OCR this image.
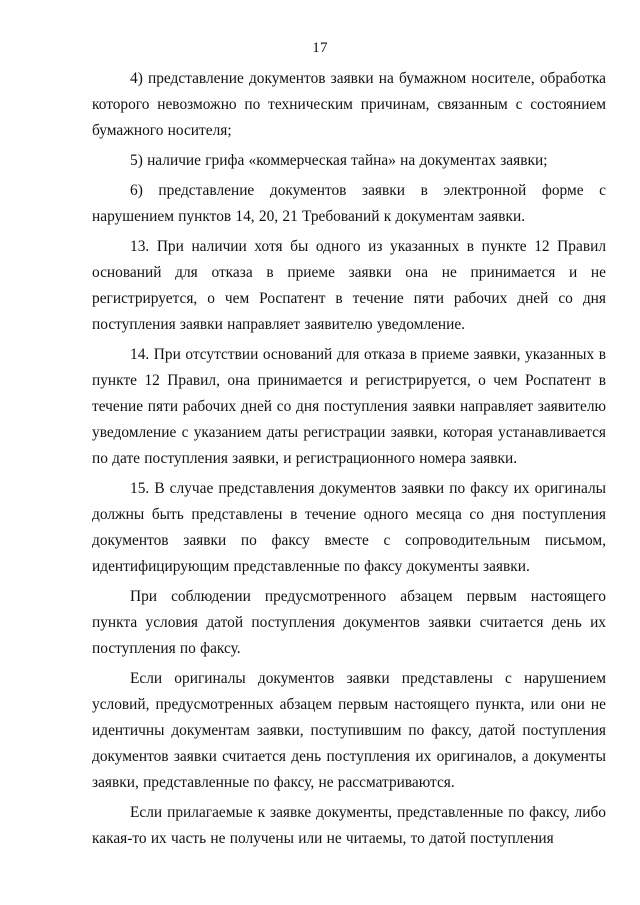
17

4) представление документов заявки на бумажном носителе, обработка которого невозможно по техническим причинам, связанным с состоянием бумажного носителя;

5) наличие грифа «коммерческая тайна» на документах заявки;

6) представление документов заявки в электронной форме с нарушением пунктов 14, 20, 21 Требований к документам заявки.

13. При наличии хотя бы одного из указанных в пункте 12 Правил оснований для отказа в приеме заявки она не принимается и не регистрируется, о чем Роспатент в течение пяти рабочих дней со дня поступления заявки направляет заявителю уведомление.

14. При отсутствии оснований для отказа в приеме заявки, указанных в пункте 12 Правил, она принимается и регистрируется, о чем Роспатент в течение пяти рабочих дней со дня поступления заявки направляет заявителю уведомление с указанием даты регистрации заявки, которая устанавливается по дате поступления заявки, и регистрационного номера заявки.

15. В случае представления документов заявки по факсу их оригиналы должны быть представлены в течение одного месяца со дня поступления документов заявки по факсу вместе с сопроводительным письмом, идентифицирующим представленные по факсу документы заявки.

При соблюдении предусмотренного абзацем первым настоящего пункта условия датой поступления документов заявки считается день их поступления по факсу.

Если оригиналы документов заявки представлены с нарушением условий, предусмотренных абзацем первым настоящего пункта, или они не идентичны документам заявки, поступившим по факсу, датой поступления документов заявки считается день поступления их оригиналов, а документы заявки, представленные по факсу, не рассматриваются.

Если прилагаемые к заявке документы, представленные по факсу, либо какая-то их часть не получены или не читаемы, то датой поступления
